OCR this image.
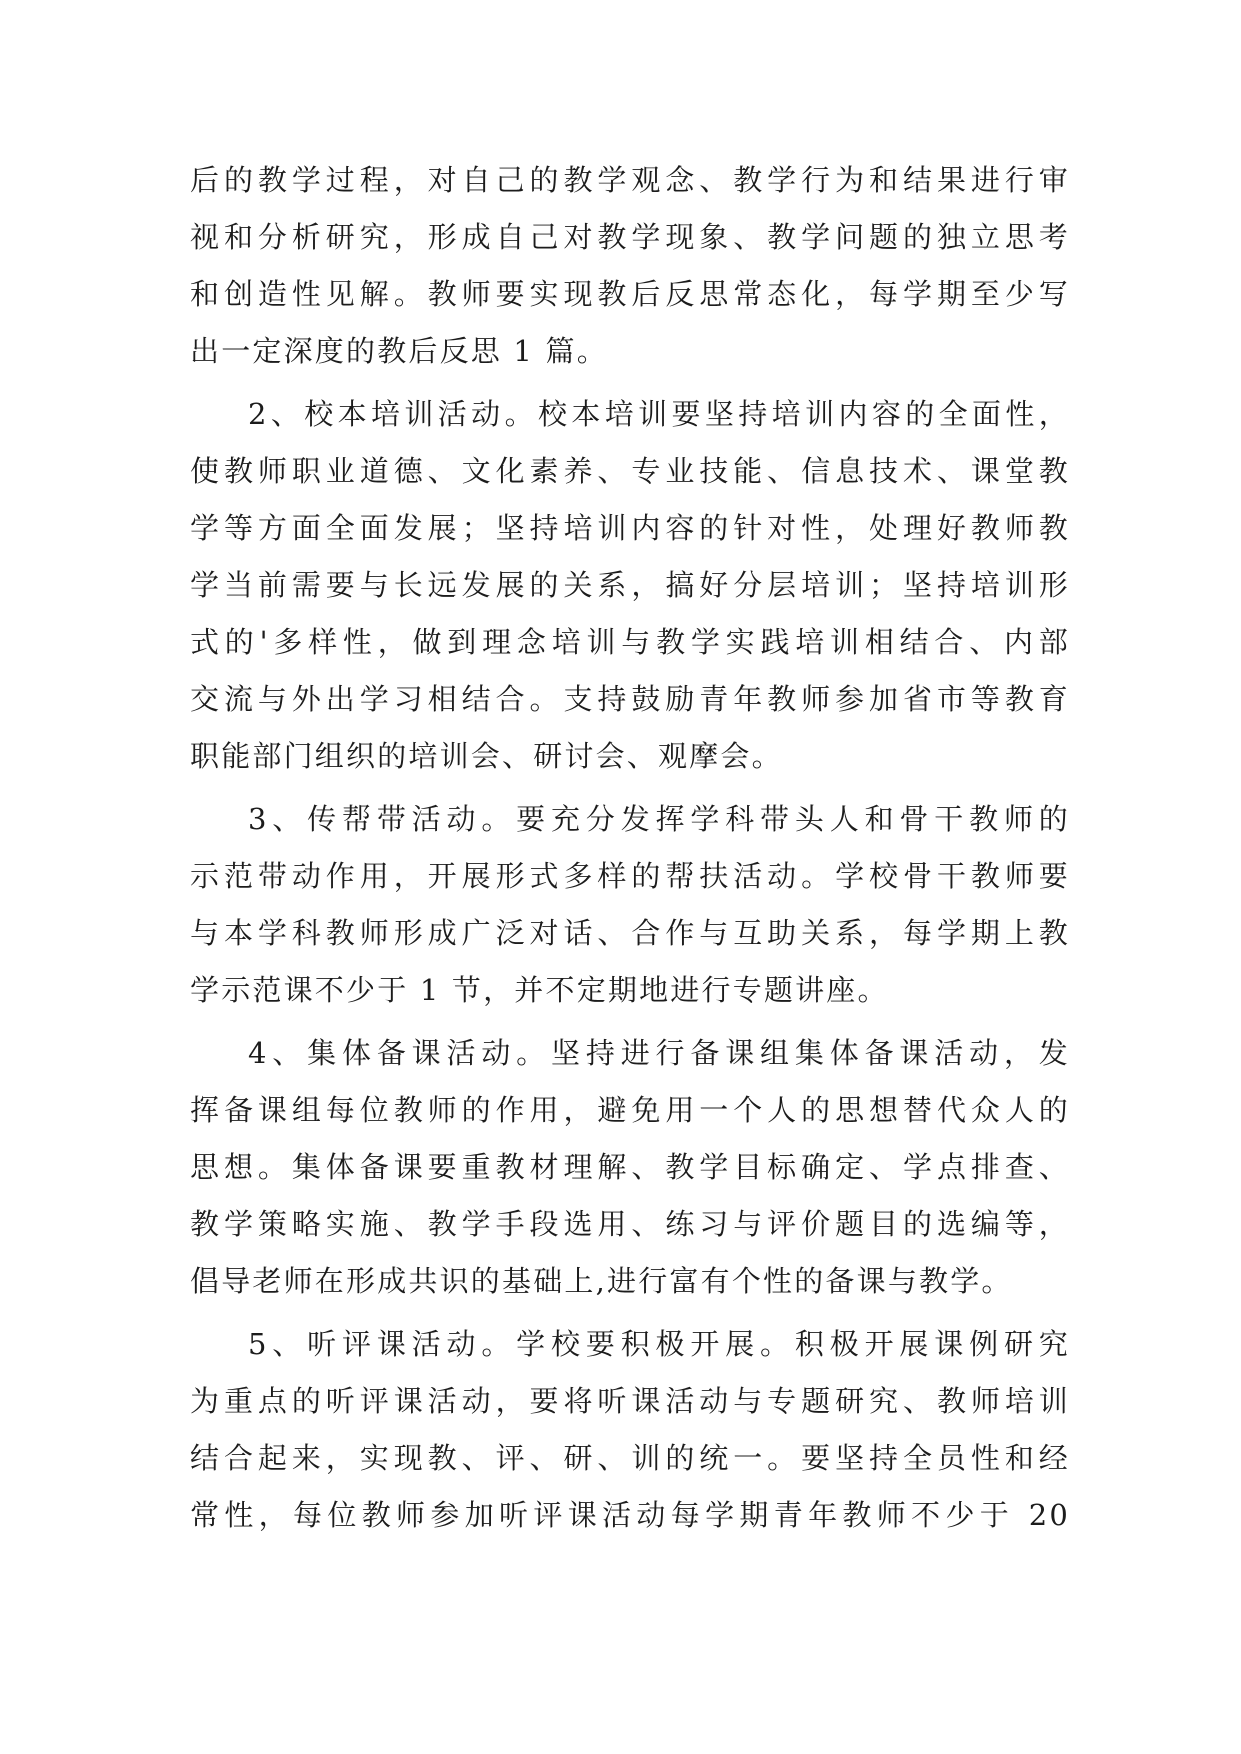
后的教学过程，对自己的教学观念、教学行为和结果进行审
视和分析研究，形成自己对教学现象、教学问题的独立思考
和创造性见解。教师要实现教后反思常态化，每学期至少写
出一定深度的教后反思 1 篇。
2、校本培训活动。校本培训要坚持培训内容的全面性，
使教师职业道德、文化素养、专业技能、信息技术、课堂教
学等方面全面发展；坚持培训内容的针对性，处理好教师教
学当前需要与长远发展的关系，搞好分层培训；坚持培训形
式的'多样性，做到理念培训与教学实践培训相结合、内部
交流与外出学习相结合。支持鼓励青年教师参加省市等教育
职能部门组织的培训会、研讨会、观摩会。
3、传帮带活动。要充分发挥学科带头人和骨干教师的
示范带动作用，开展形式多样的帮扶活动。学校骨干教师要
与本学科教师形成广泛对话、合作与互助关系，每学期上教
学示范课不少于 1 节，并不定期地进行专题讲座。
4、集体备课活动。坚持进行备课组集体备课活动，发
挥备课组每位教师的作用，避免用一个人的思想替代众人的
思想。集体备课要重教材理解、教学目标确定、学点排查、
教学策略实施、教学手段选用、练习与评价题目的选编等，
倡导老师在形成共识的基础上,进行富有个性的备课与教学。
5、听评课活动。学校要积极开展。积极开展课例研究
为重点的听评课活动，要将听课活动与专题研究、教师培训
结合起来，实现教、评、研、训的统一。要坚持全员性和经
常性，每位教师参加听评课活动每学期青年教师不少于 20
